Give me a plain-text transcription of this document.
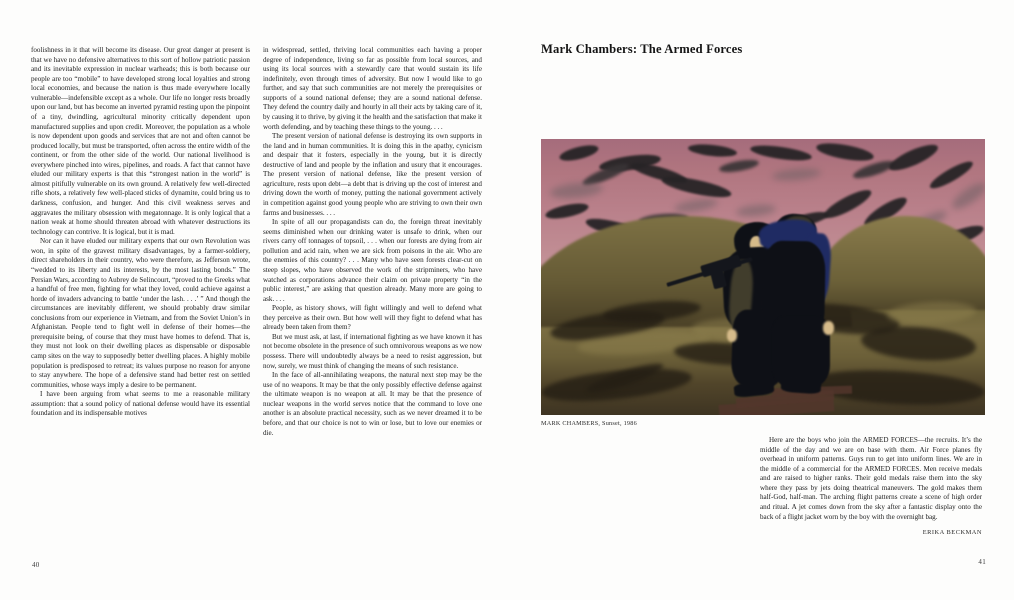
foolishness in it that will become its disease. Our great danger at present is that we have no defensive alternatives to this sort of hollow patriotic passion and its inevitable expression in nuclear warheads; this is both because our people are too “mobile” to have developed strong local loyalties and strong local economies, and because the nation is thus made everywhere locally vulnerable—indefensible except as a whole. Our life no longer rests broadly upon our land, but has become an inverted pyramid resting upon the pinpoint of a tiny, dwindling, agricultural minority critically dependent upon manufactured supplies and upon credit. Moreover, the population as a whole is now dependent upon goods and services that are not and often cannot be produced locally, but must be transported, often across the entire width of the continent, or from the other side of the world. Our national livelihood is everywhere pinched into wires, pipelines, and roads. A fact that cannot have eluded our military experts is that this “strongest nation in the world” is almost pitifully vulnerable on its own ground. A relatively few well-directed rifle shots, a relatively few well-placed sticks of dynamite, could bring us to darkness, confusion, and hunger. And this civil weakness serves and aggravates the military obsession with megatonnage. It is only logical that a nation weak at home should threaten abroad with whatever destructions its technology can contrive. It is logical, but it is mad.

Nor can it have eluded our military experts that our own Revolution was won, in spite of the gravest military disadvantages, by a farmer-soldiery, direct shareholders in their country, who were therefore, as Jefferson wrote, “wedded to its liberty and its interests, by the most lasting bonds.” The Persian Wars, according to Aubrey de Selincourt, “proved to the Greeks what a handful of free men, fighting for what they loved, could achieve against a horde of invaders advancing to battle ‘under the lash. . . .’ ” And though the circumstances are inevitably different, we should probably draw similar conclusions from our experience in Vietnam, and from the Soviet Union’s in Afghanistan. People tend to fight well in defense of their homes—the prerequisite being, of course that they must have homes to defend. That is, they must not look on their dwelling places as dispensable or disposable camp sites on the way to supposedly better dwelling places. A highly mobile population is predisposed to retreat; its values purpose no reason for anyone to stay anywhere. The hope of a defensive stand had better rest on settled communities, whose ways imply a desire to be permanent.

I have been arguing from what seems to me a reasonable military assumption: that a sound policy of national defense would have its essential foundation and its indispensable motives

in widespread, settled, thriving local communities each having a proper degree of independence, living so far as possible from local sources, and using its local sources with a stewardly care that would sustain its life indefinitely, even through times of adversity. But now I would like to go further, and say that such communities are not merely the prerequisites or supports of a sound national defense; they are a sound national defense. They defend the country daily and hourly in all their acts by taking care of it, by causing it to thrive, by giving it the health and the satisfaction that make it worth defending, and by teaching these things to the young. . . .

The present version of national defense is destroying its own supports in the land and in human communities. It is doing this in the apathy, cynicism and despair that it fosters, especially in the young, but it is directly destructive of land and people by the inflation and usury that it encourages. The present version of national defense, like the present version of agriculture, rests upon debt—a debt that is driving up the cost of interest and driving down the worth of money, putting the national government actively in competition against good young people who are striving to own their own farms and businesses. . . .

In spite of all our propagandists can do, the foreign threat inevitably seems diminished when our drinking water is unsafe to drink, when our rivers carry off tonnages of topsoil, . . . when our forests are dying from air pollution and acid rain, when we are sick from poisons in the air. Who are the enemies of this country? . . . Many who have seen forests clear-cut on steep slopes, who have observed the work of the stripminers, who have watched as corporations advance their claim on private property “in the public interest,” are asking that question already. Many more are going to ask. . . .

People, as history shows, will fight willingly and well to defend what they perceive as their own. But how well will they fight to defend what has already been taken from them?

But we must ask, at last, if international fighting as we have known it has not become obsolete in the presence of such omnivorous weapons as we now possess. There will undoubtedly always be a need to resist aggression, but now, surely, we must think of changing the means of such resistance.

In the face of all-annihilating weapons, the natural next step may be the use of no weapons. It may be that the only possibly effective defense against the ultimate weapon is no weapon at all. It may be that the presence of nuclear weapons in the world serves notice that the command to love one another is an absolute practical necessity, such as we never dreamed it to be before, and that our choice is not to win or lose, but to love our enemies or die.

40
Mark Chambers: The Armed Forces
MARK CHAMBERS, Sunset, 1986

Here are the boys who join the ARMED FORCES—the recruits. It’s the middle of the day and we are on base with them. Air Force planes fly overhead in uniform patterns. Guys run to get into uniform lines. We are in the middle of a commercial for the ARMED FORCES. Men receive medals and are raised to higher ranks. Their gold medals raise them into the sky where they pass by jets doing theatrical maneuvers. The gold makes them half-God, half-man. The arching flight patterns create a scene of high order and ritual. A jet comes down from the sky after a fantastic display onto the back of a flight jacket worn by the boy with the overnight bag.

ERIKA BECKMAN
41
